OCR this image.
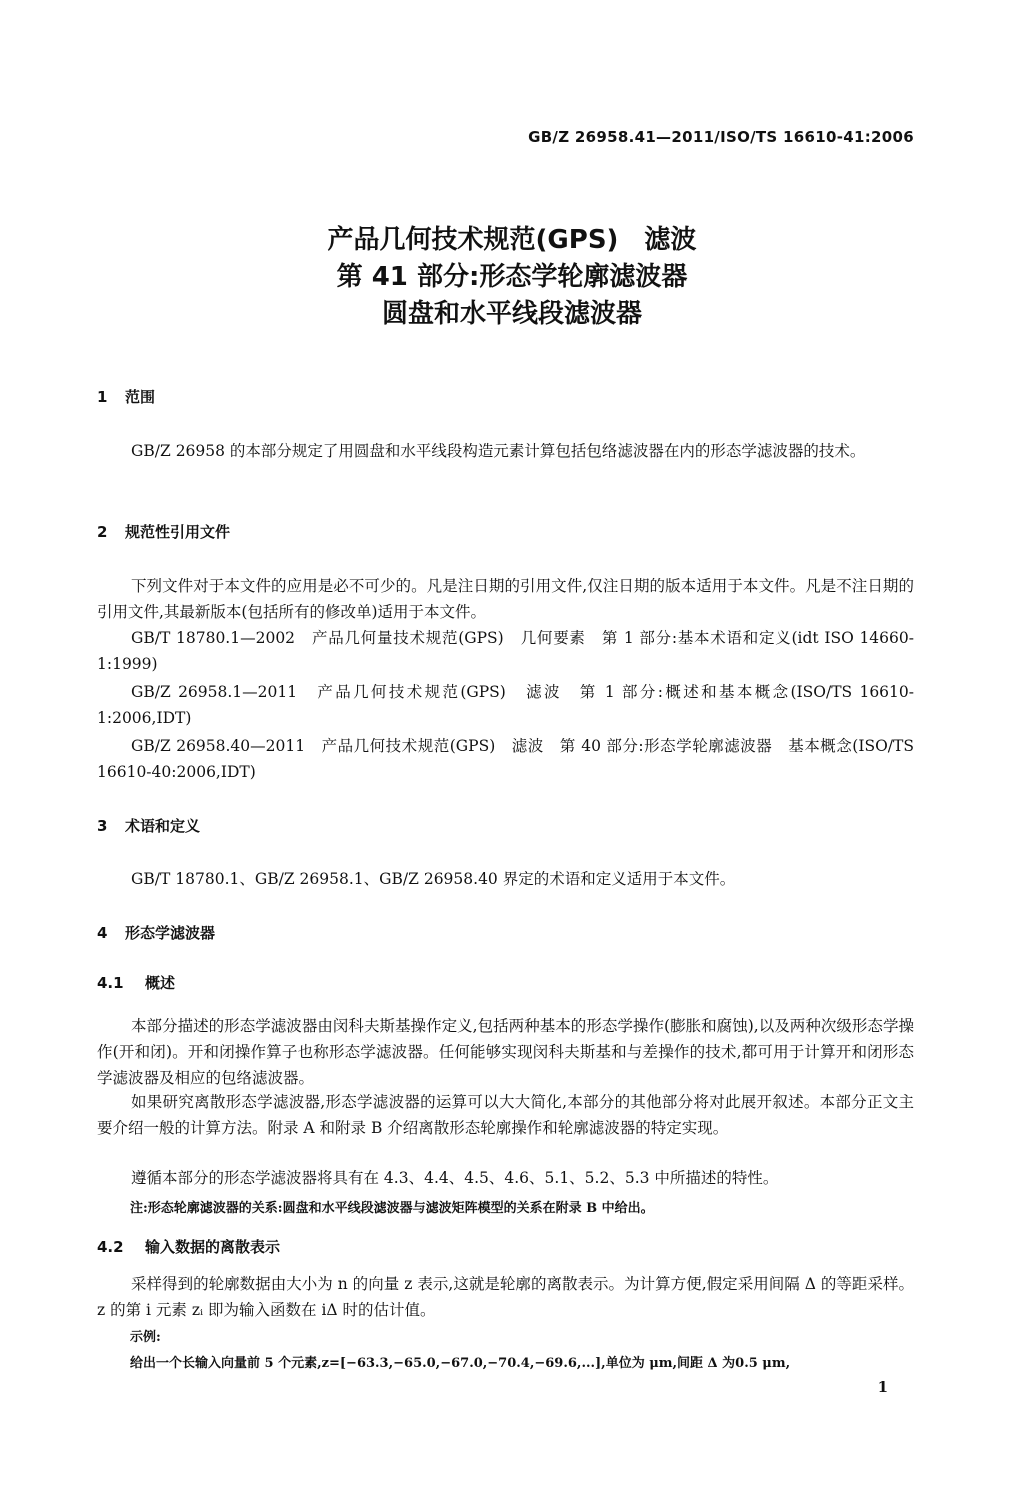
GB/Z 26958.41—2011/ISO/TS 16610-41:2006
产品几何技术规范(GPS)　滤波
第 41 部分:形态学轮廓滤波器
圆盘和水平线段滤波器
1 范围
GB/Z 26958 的本部分规定了用圆盘和水平线段构造元素计算包括包络滤波器在内的形态学滤波器的技术。
2 规范性引用文件
下列文件对于本文件的应用是必不可少的。凡是注日期的引用文件,仅注日期的版本适用于本文件。凡是不注日期的引用文件,其最新版本(包括所有的修改单)适用于本文件。
GB/T 18780.1—2002　产品几何量技术规范(GPS)　几何要素　第 1 部分:基本术语和定义(idt ISO 14660-1:1999)
GB/Z 26958.1—2011　产品几何技术规范(GPS)　滤波　第 1 部分:概述和基本概念(ISO/TS 16610-1:2006,IDT)
GB/Z 26958.40—2011　产品几何技术规范(GPS)　滤波　第 40 部分:形态学轮廓滤波器　基本概念(ISO/TS 16610-40:2006,IDT)
3 术语和定义
GB/T 18780.1、GB/Z 26958.1、GB/Z 26958.40 界定的术语和定义适用于本文件。
4 形态学滤波器
4.1 概述
本部分描述的形态学滤波器由闵科夫斯基操作定义,包括两种基本的形态学操作(膨胀和腐蚀),以及两种次级形态学操作(开和闭)。开和闭操作算子也称形态学滤波器。任何能够实现闵科夫斯基和与差操作的技术,都可用于计算开和闭形态学滤波器及相应的包络滤波器。
如果研究离散形态学滤波器,形态学滤波器的运算可以大大简化,本部分的其他部分将对此展开叙述。本部分正文主要介绍一般的计算方法。附录 A 和附录 B 介绍离散形态轮廓操作和轮廓滤波器的特定实现。
遵循本部分的形态学滤波器将具有在 4.3、4.4、4.5、4.6、5.1、5.2、5.3 中所描述的特性。
注:形态轮廓滤波器的关系:圆盘和水平线段滤波器与滤波矩阵模型的关系在附录 B 中给出。
4.2 输入数据的离散表示
采样得到的轮廓数据由大小为 n 的向量 z 表示,这就是轮廓的离散表示。为计算方便,假定采用间隔 Δ 的等距采样。z 的第 i 元素 zᵢ 即为输入函数在 iΔ 时的估计值。
示例:
给出一个长输入向量前 5 个元素,z=[−63.3,−65.0,−67.0,−70.4,−69.6,...],单位为 μm,间距 Δ 为0.5 μm,
1
